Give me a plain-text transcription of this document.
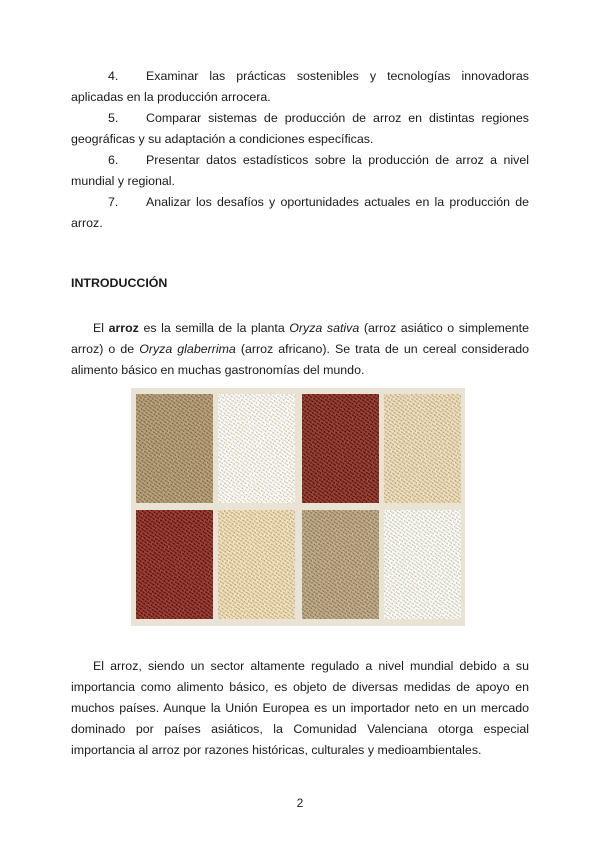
4. Examinar las prácticas sostenibles y tecnologías innovadoras aplicadas en la producción arrocera.

5. Comparar sistemas de producción de arroz en distintas regiones geográficas y su adaptación a condiciones específicas.

6. Presentar datos estadísticos sobre la producción de arroz a nivel mundial y regional.

7. Analizar los desafíos y oportunidades actuales en la producción de arroz.

INTRODUCCIÓN

El arroz es la semilla de la planta Oryza sativa (arroz asiático o simplemente arroz) o de Oryza glaberrima (arroz africano). Se trata de un cereal considerado alimento básico en muchas gastronomías del mundo.

El arroz, siendo un sector altamente regulado a nivel mundial debido a su importancia como alimento básico, es objeto de diversas medidas de apoyo en muchos países. Aunque la Unión Europea es un importador neto en un mercado dominado por países asiáticos, la Comunidad Valenciana otorga especial importancia al arroz por razones históricas, culturales y medioambientales.

2
